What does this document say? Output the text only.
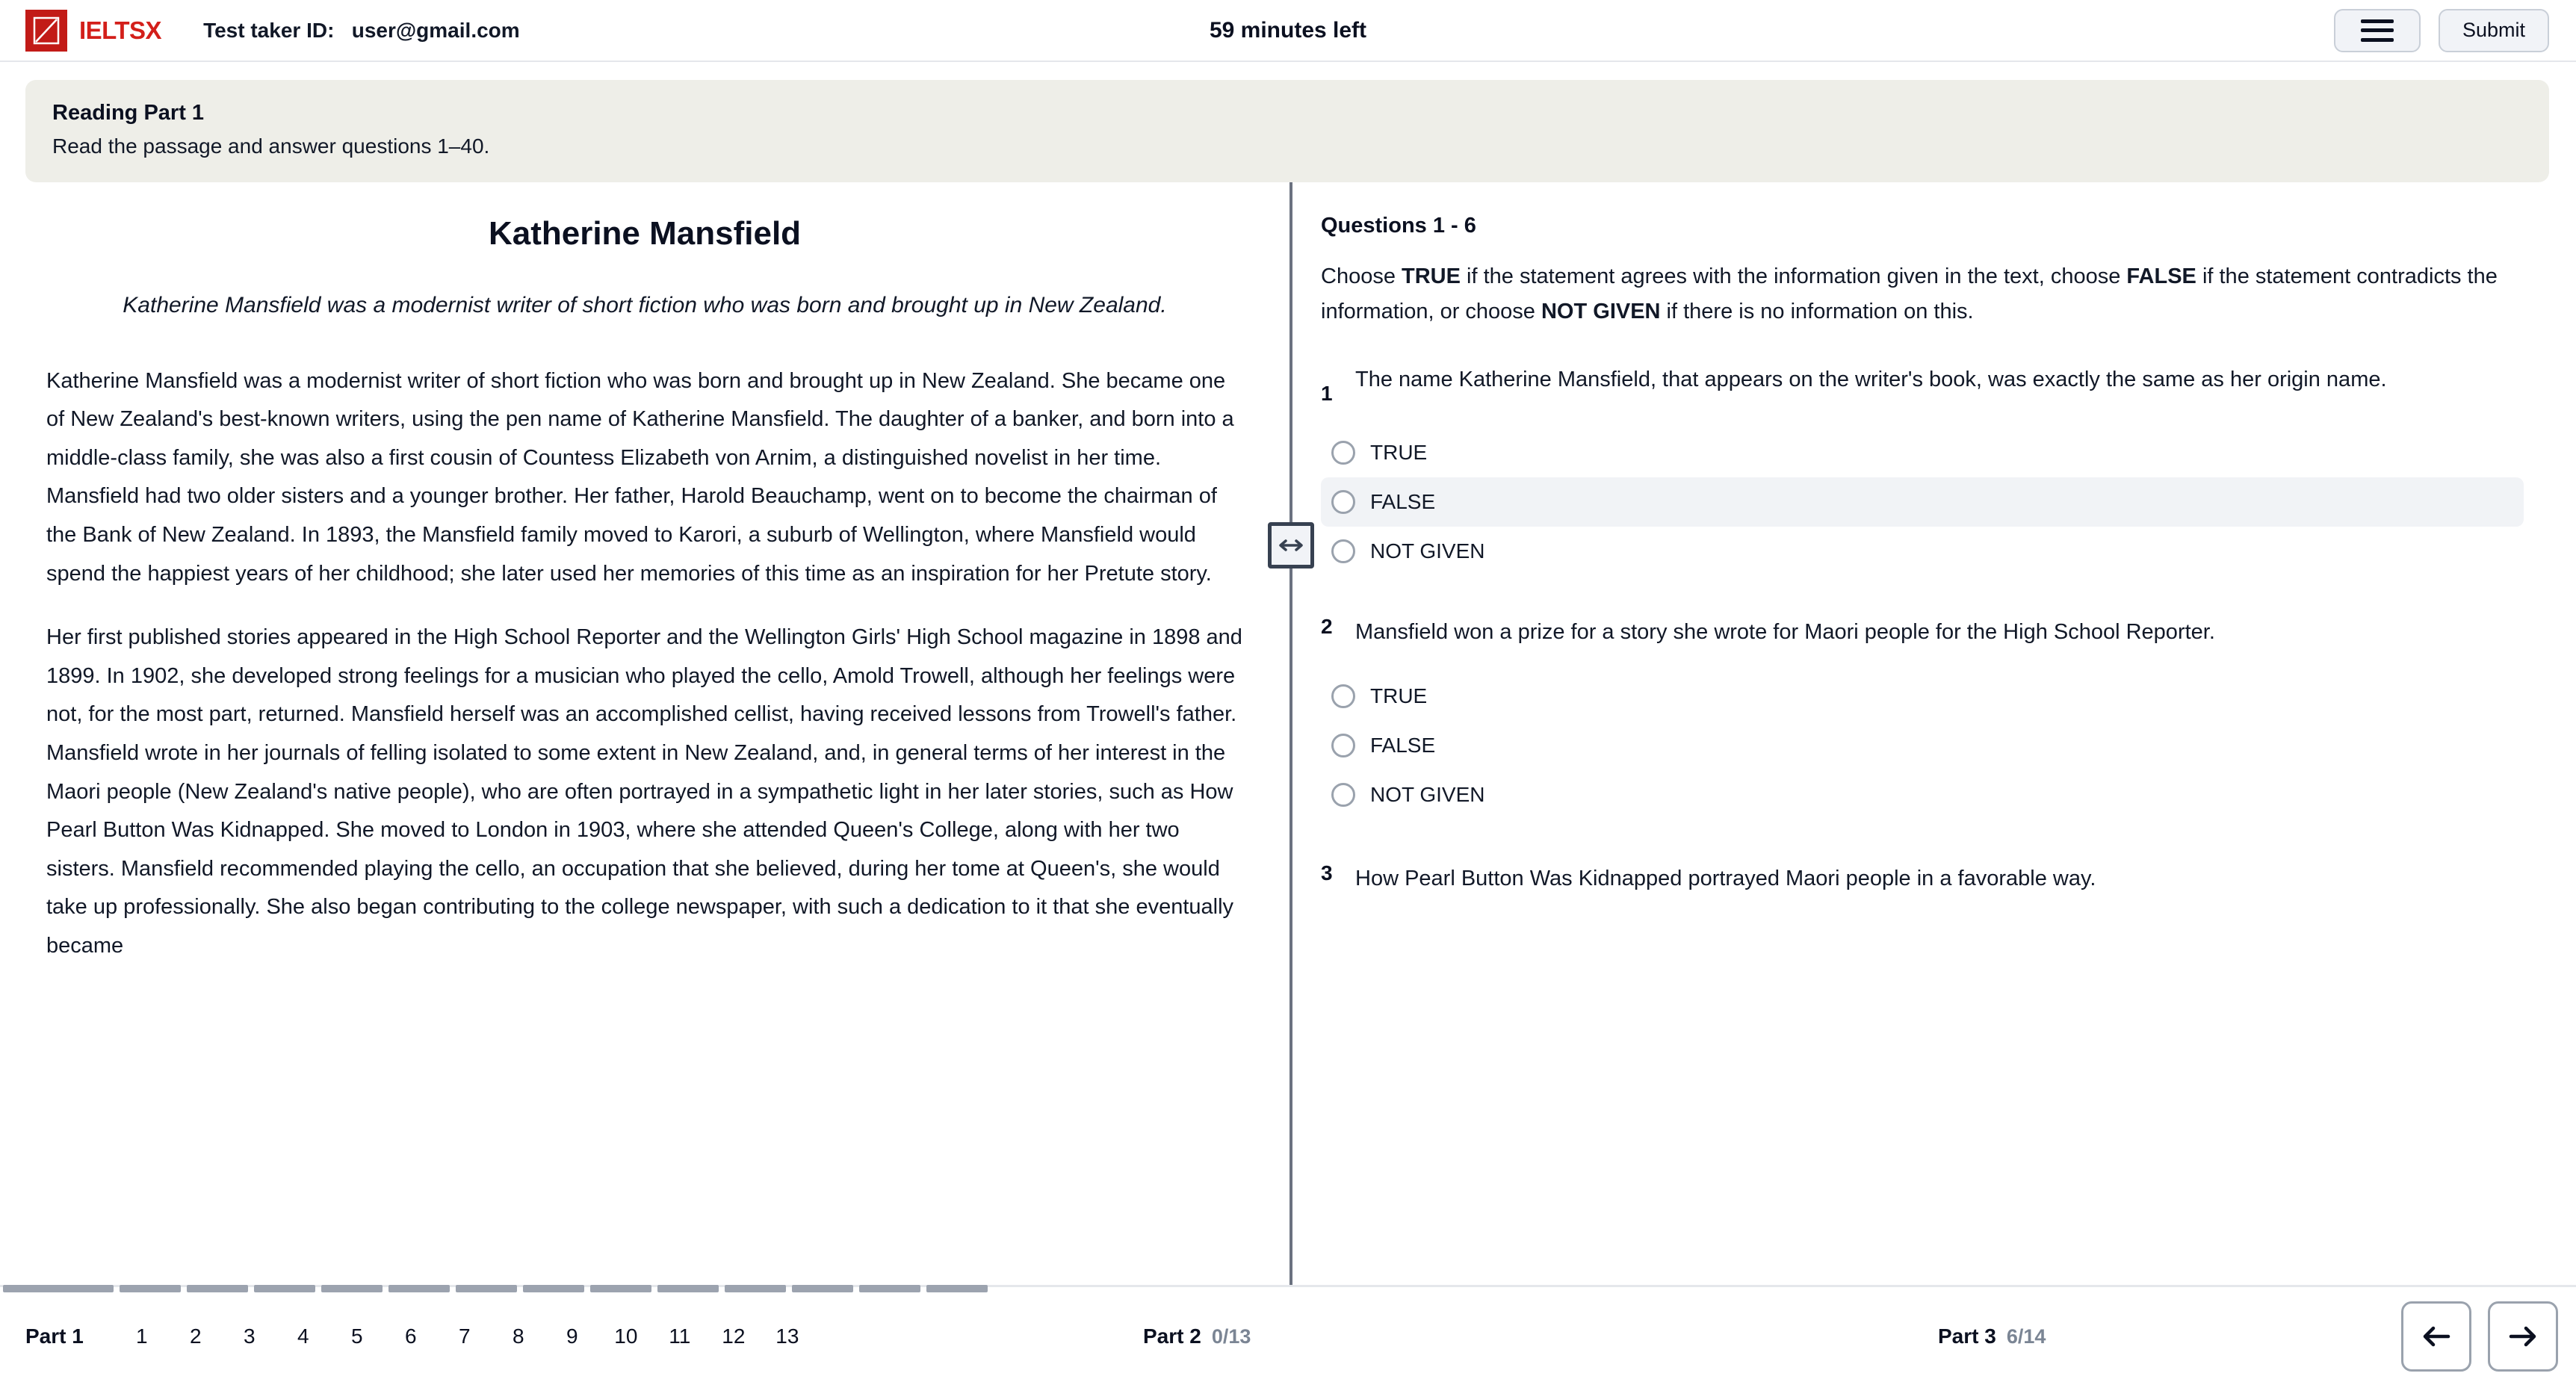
IELTSX Test taker ID:   user@gmail.com	59 minutes left	Submit
Reading Part 1
Read the passage and answer questions 1–40.
Katherine Mansfield
Katherine Mansfield was a modernist writer of short fiction who was born and brought up in New Zealand.
Katherine Mansfield was a modernist writer of short fiction who was born and brought up in New Zealand. She became one of New Zealand's best-known writers, using the pen name of Katherine Mansfield. The daughter of a banker, and born into a middle-class family, she was also a first cousin of Countess Elizabeth von Arnim, a distinguished novelist in her time. Mansfield had two older sisters and a younger brother. Her father, Harold Beauchamp, went on to become the chairman of the Bank of New Zealand. In 1893, the Mansfield family moved to Karori, a suburb of Wellington, where Mansfield would spend the happiest years of her childhood; she later used her memories of this time as an inspiration for her Pretute story.
Her first published stories appeared in the High School Reporter and the Wellington Girls' High School magazine in 1898 and 1899. In 1902, she developed strong feelings for a musician who played the cello, Amold Trowell, although her feelings were not, for the most part, returned. Mansfield herself was an accomplished cellist, having received lessons from Trowell's father. Mansfield wrote in her journals of felling isolated to some extent in New Zealand, and, in general terms of her interest in the Maori people (New Zealand's native people), who are often portrayed in a sympathetic light in her later stories, such as How Pearl Button Was Kidnapped. She moved to London in 1903, where she attended Queen's College, along with her two sisters. Mansfield recommended playing the cello, an occupation that she believed, during her tome at Queen's, she would take up professionally. She also began contributing to the college newspaper, with such a dedication to it that she eventually became
Questions 1 - 6
Choose TRUE if the statement agrees with the information given in the text, choose FALSE if the statement contradicts the information, or choose NOT GIVEN if there is no information on this.
1
The name Katherine Mansfield, that appears on the writer's book, was exactly the same as her origin name.
TRUE
FALSE
NOT GIVEN
2	Mansfield won a prize for a story she wrote for Maori people for the High School Reporter.
TRUE
FALSE
NOT GIVEN
3	How Pearl Button Was Kidnapped portrayed Maori people in a favorable way.
Part 1	1	2	3	4	5	6	7	8	9	10	11	12	13	Part 2 0/13	Part 3 6/14
